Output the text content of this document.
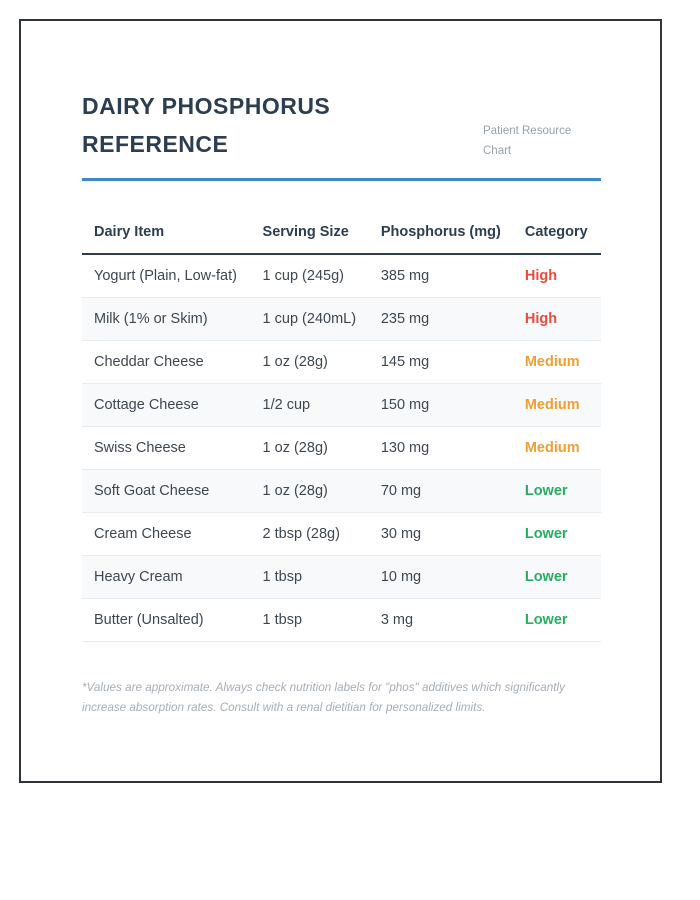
DAIRY PHOSPHORUS REFERENCE	Patient Resource Chart
Dairy Item	Serving Size	Phosphorus (mg)	Category
Yogurt (Plain, Low-fat)	1 cup (245g)	385 mg	High
Milk (1% or Skim)	1 cup (240mL)	235 mg	High
Cheddar Cheese	1 oz (28g)	145 mg	Medium
Cottage Cheese	1/2 cup	150 mg	Medium
Swiss Cheese	1 oz (28g)	130 mg	Medium
Soft Goat Cheese	1 oz (28g)	70 mg	Lower
Cream Cheese	2 tbsp (28g)	30 mg	Lower
Heavy Cream	1 tbsp	10 mg	Lower
Butter (Unsalted)	1 tbsp	3 mg	Lower

*Values are approximate. Always check nutrition labels for "phos" additives which significantly increase absorption rates. Consult with a renal dietitian for personalized limits.
